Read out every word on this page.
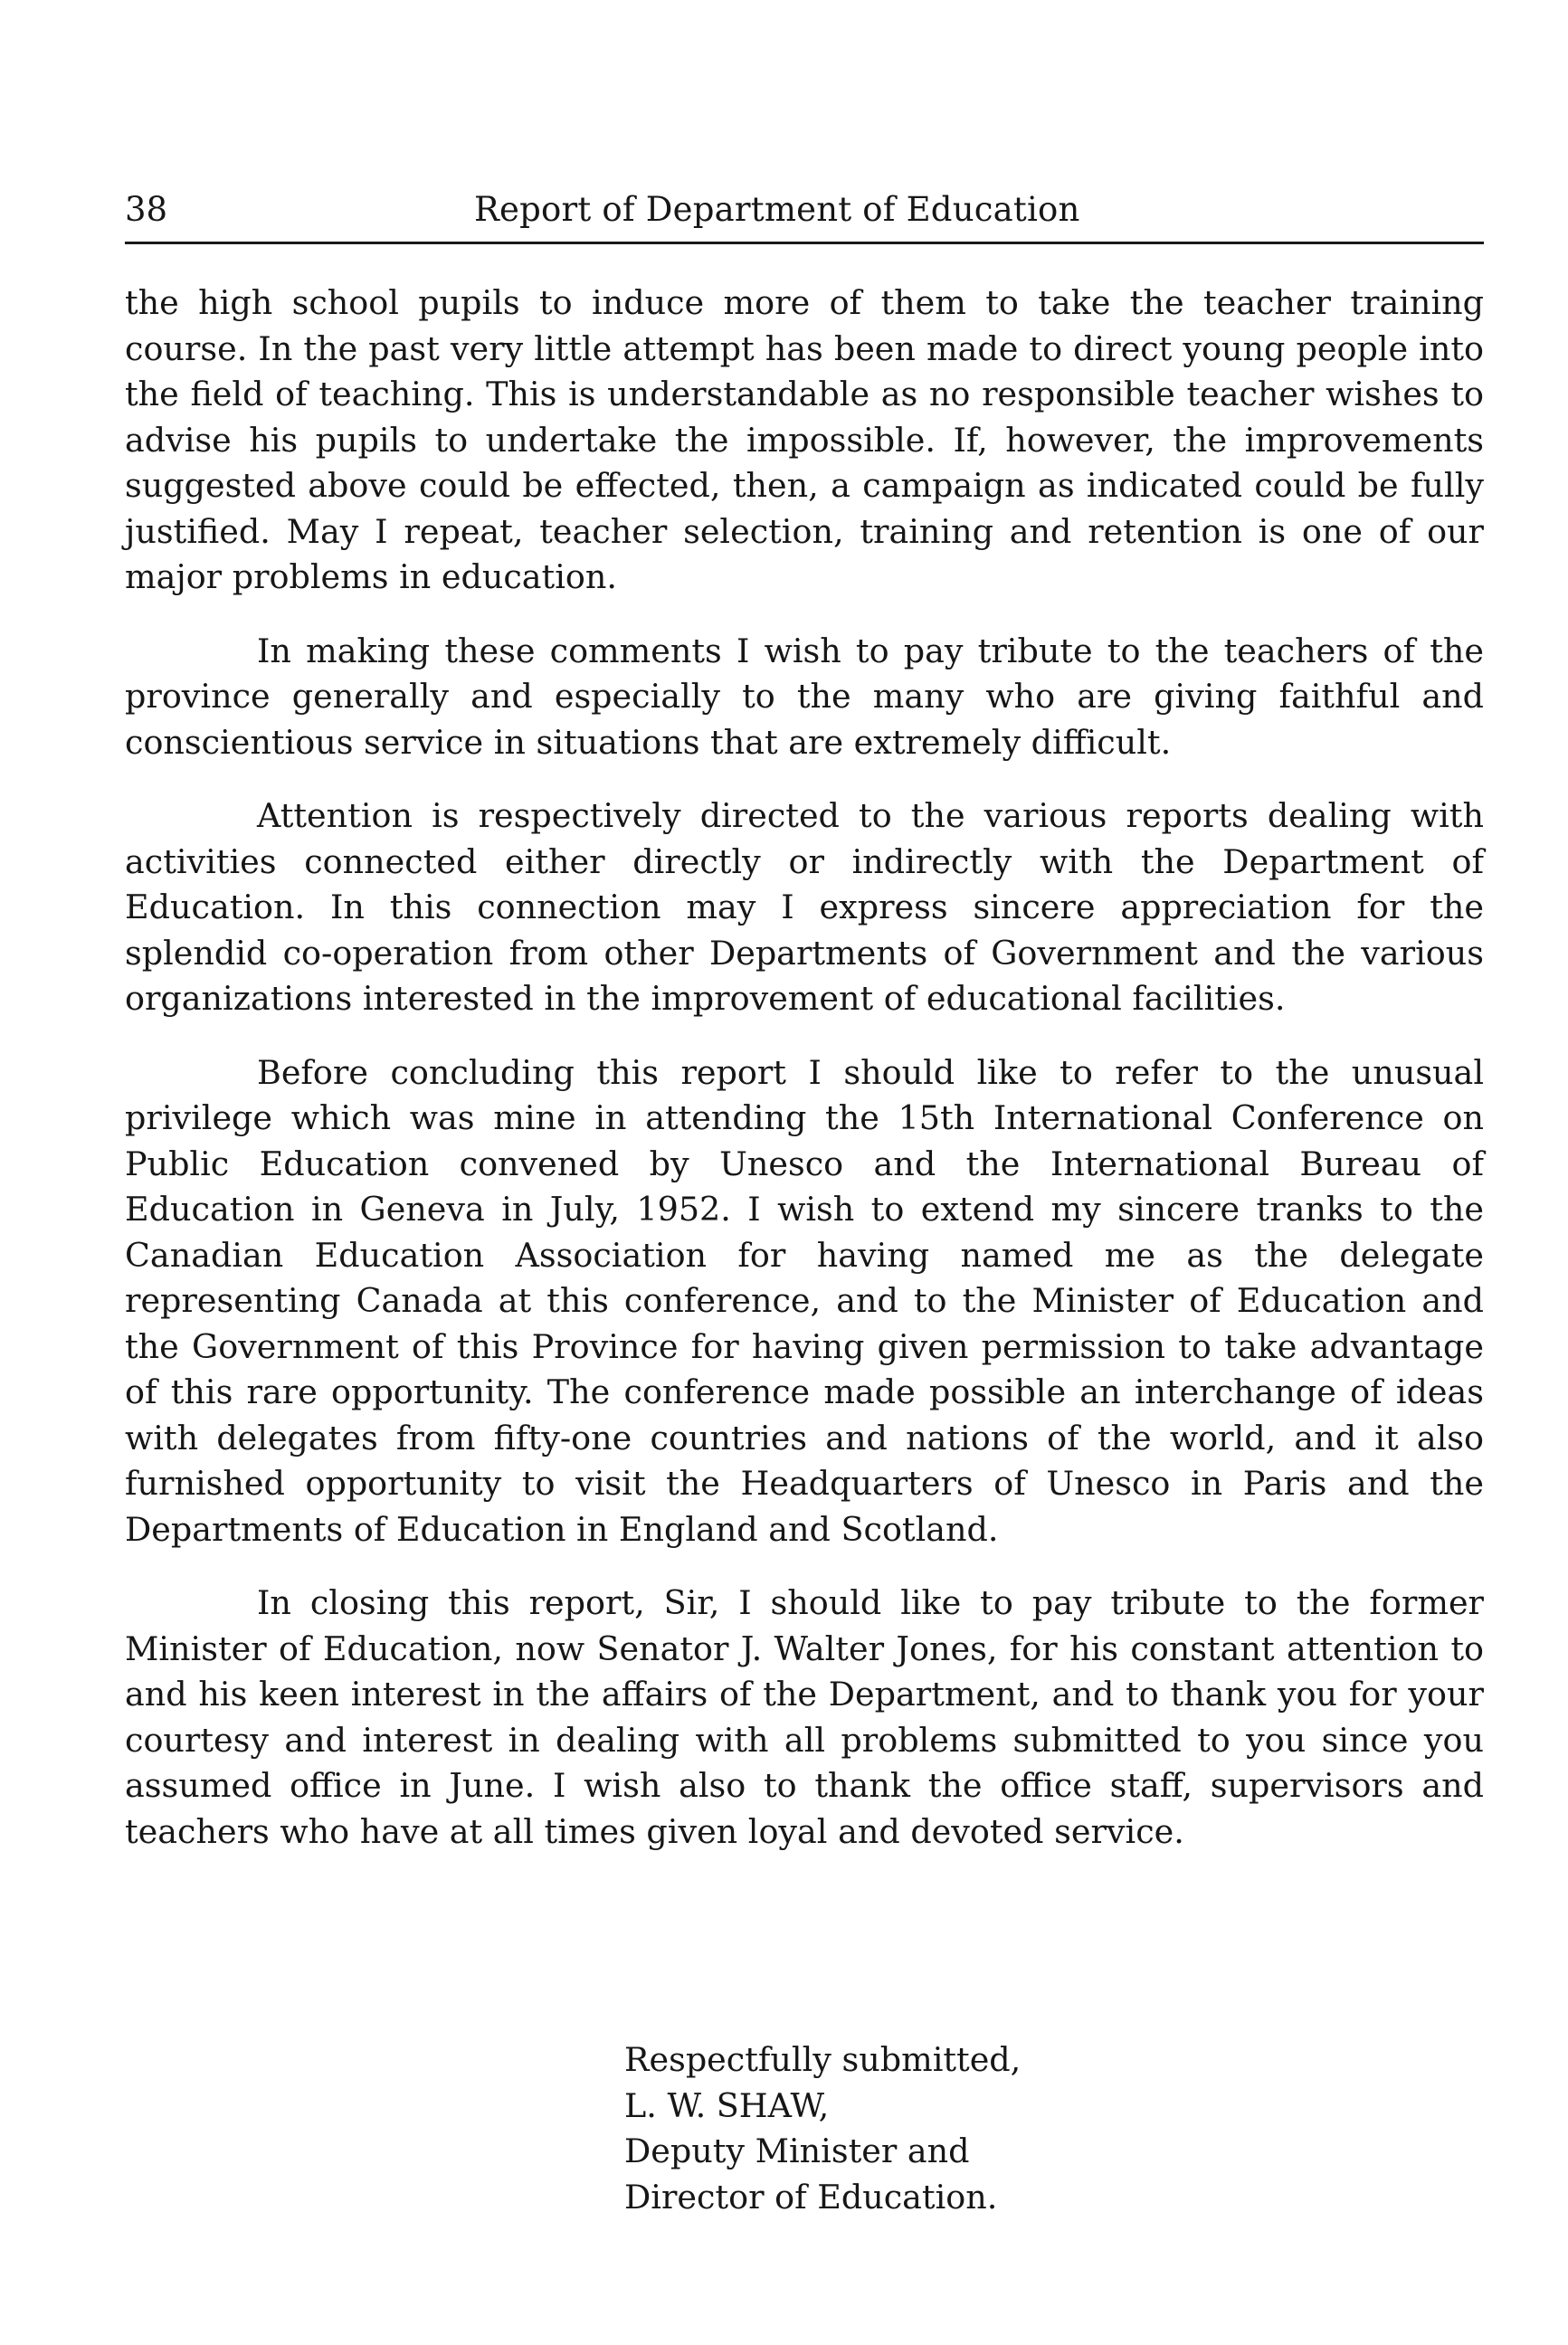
38	Report of Department of Education

the high school pupils to induce more of them to take the teacher training course. In the past very little attempt has been made to direct young people into the field of teaching. This is understandable as no responsible teacher wishes to advise his pupils to undertake the impossible. If, however, the improvements suggested above could be effected, then, a campaign as indicated could be fully justified. May I repeat, teacher selection, training and retention is one of our major problems in education.

In making these comments I wish to pay tribute to the teachers of the province generally and especially to the many who are giving faithful and conscientious service in situations that are extremely difficult.

Attention is respectively directed to the various reports dealing with activities connected either directly or indirectly with the Department of Education. In this connection may I express sincere appreciation for the splendid co-operation from other Departments of Government and the various organizations interested in the improvement of educational facilities.

Before concluding this report I should like to refer to the unusual privilege which was mine in attending the 15th International Conference on Public Education convened by Unesco and the International Bureau of Education in Geneva in July, 1952. I wish to extend my sincere tranks to the Canadian Education Association for having named me as the delegate representing Canada at this conference, and to the Minister of Education and the Government of this Province for having given permission to take advantage of this rare opportunity. The conference made possible an interchange of ideas with delegates from fifty-one countries and nations of the world, and it also furnished opportunity to visit the Headquarters of Unesco in Paris and the Departments of Education in England and Scotland.

In closing this report, Sir, I should like to pay tribute to the former Minister of Education, now Senator J. Walter Jones, for his constant attention to and his keen interest in the affairs of the Department, and to thank you for your courtesy and interest in dealing with all problems submitted to you since you assumed office in June. I wish also to thank the office staff, supervisors and teachers who have at all times given loyal and devoted service.

Respectfully submitted,
L. W. SHAW,
Deputy Minister and
Director of Education.
